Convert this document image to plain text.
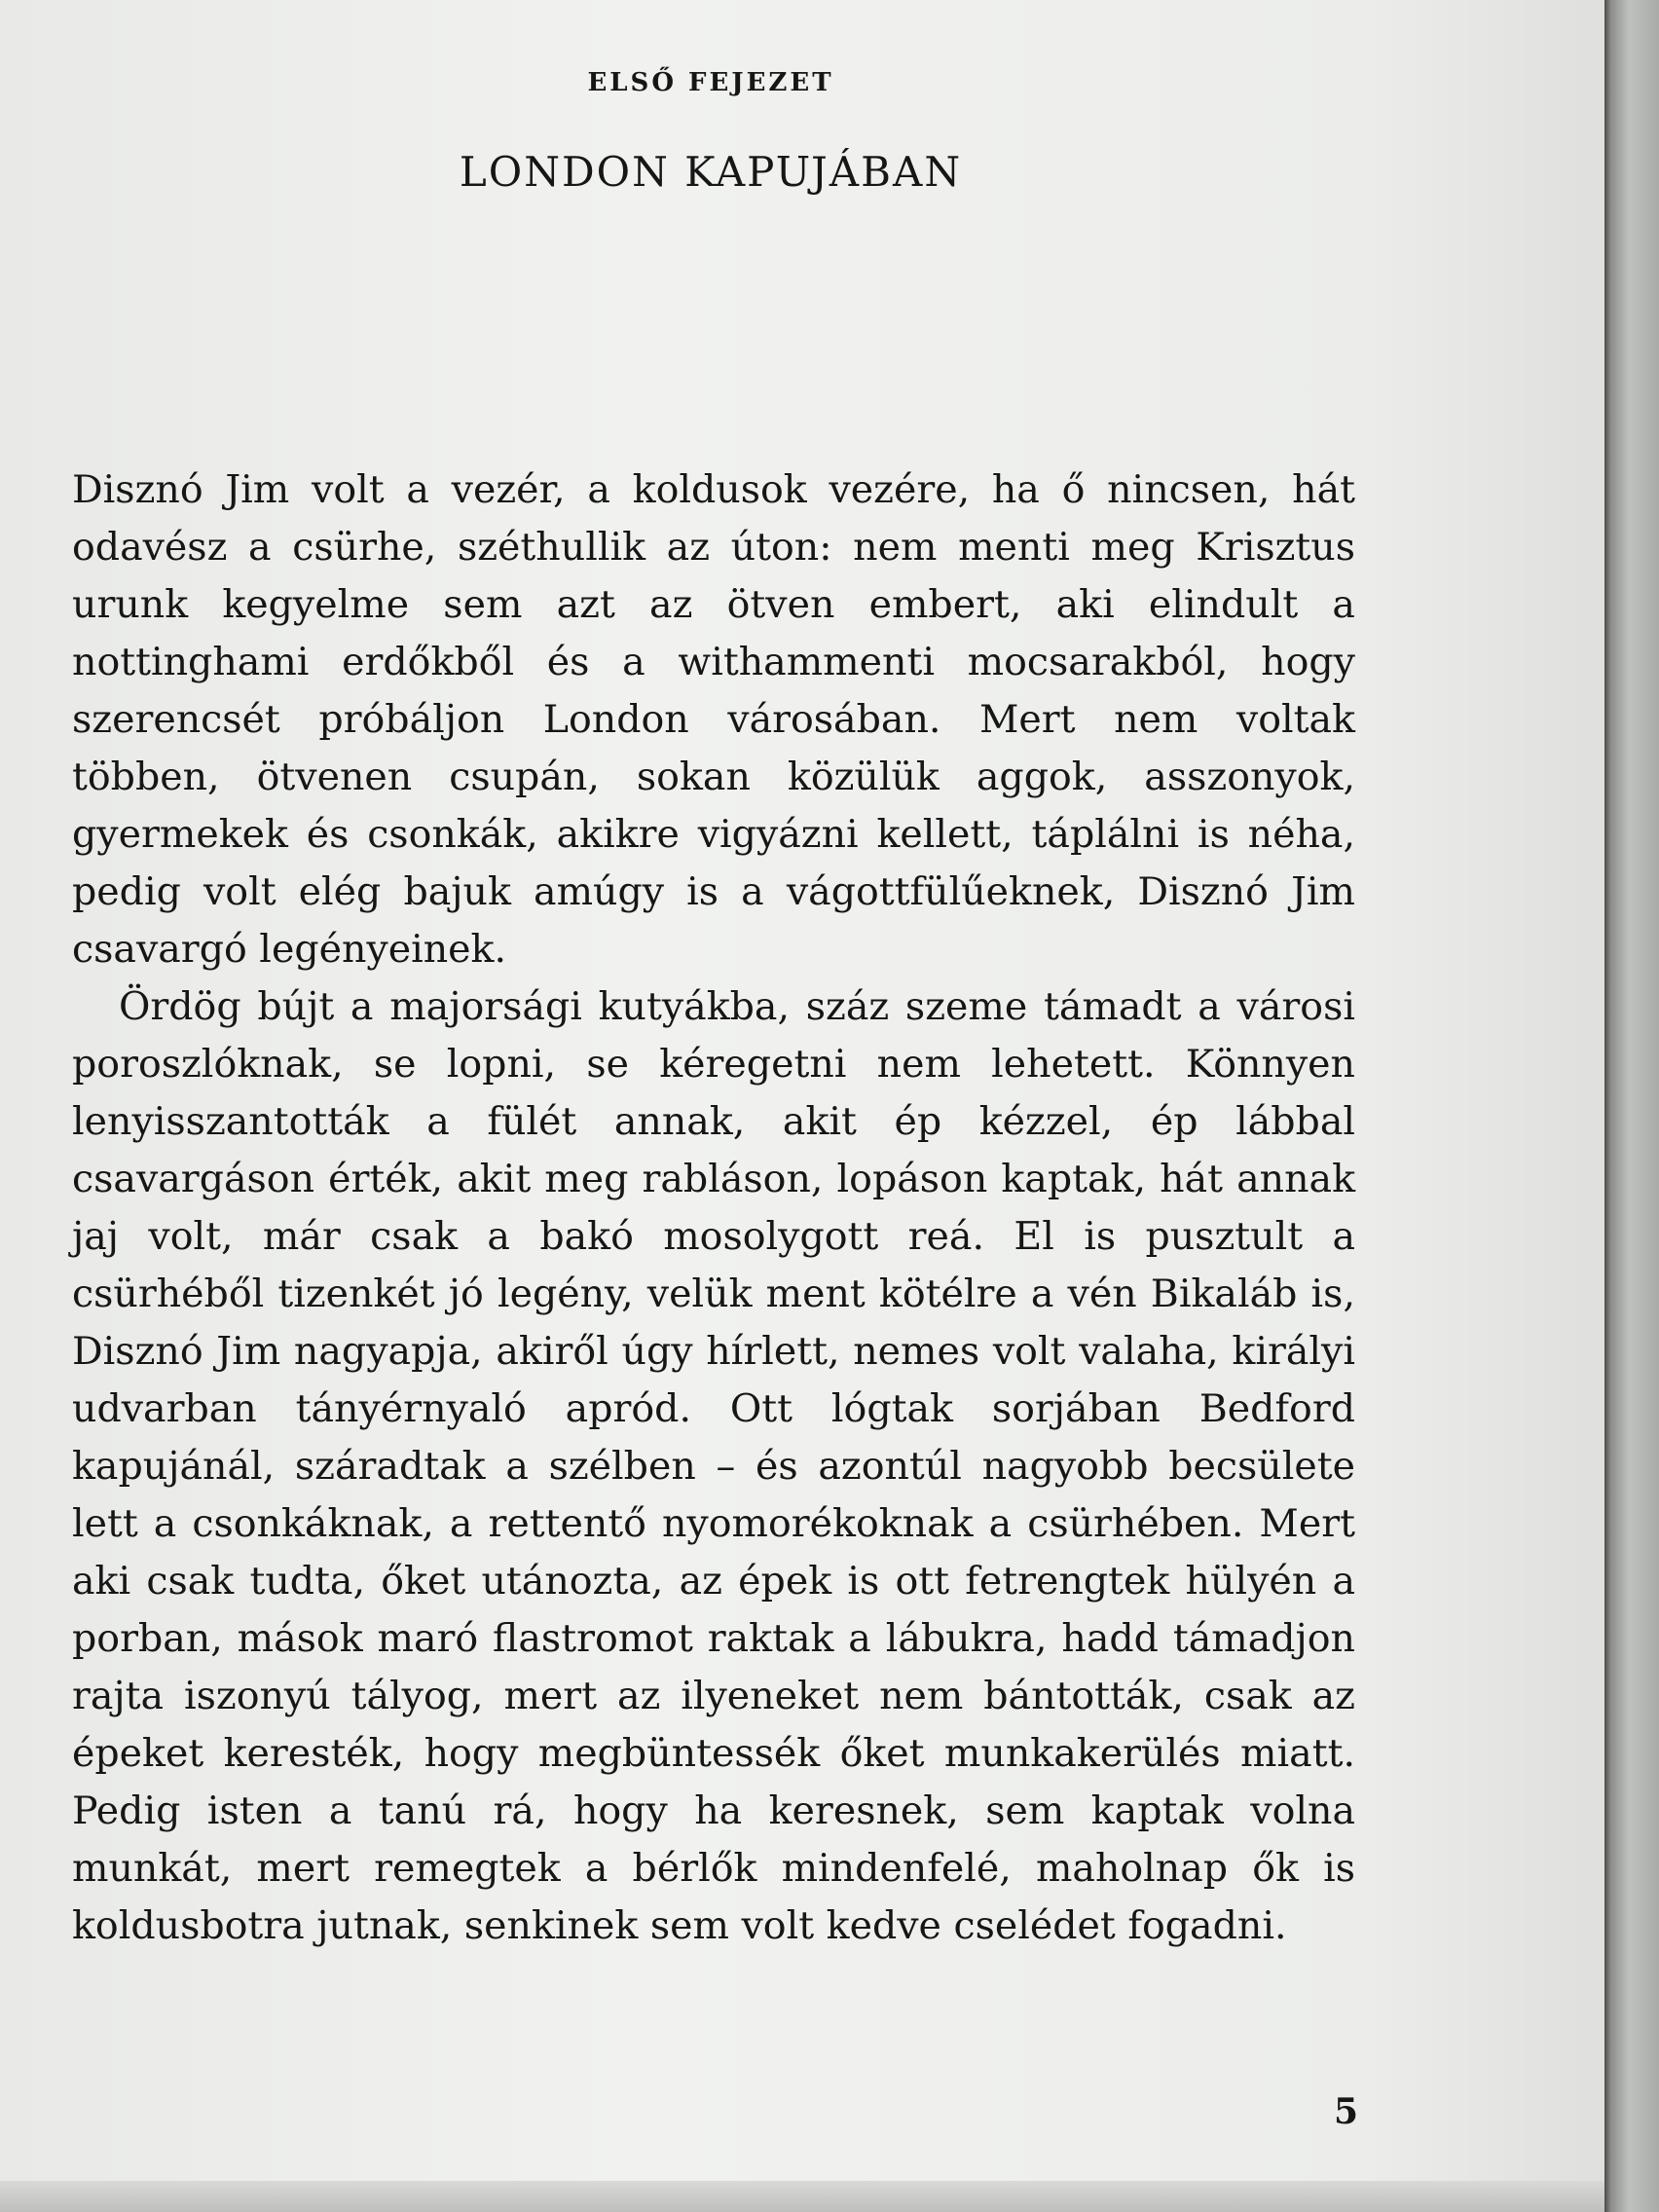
ELSŐ FEJEZET
LONDON KAPUJÁBAN

Disznó Jim volt a vezér, a koldusok vezére, ha ő nincsen, hát odavész a csürhe, széthullik az úton: nem menti meg Krisztus urunk kegyelme sem azt az ötven embert, aki elindult a nottinghami erdőkből és a withammenti mocsarakból, hogy szerencsét próbáljon London városában. Mert nem voltak többen, ötvenen csupán, sokan közülük aggok, asszonyok, gyermekek és csonkák, akikre vigyázni kellett, táplálni is néha, pedig volt elég bajuk amúgy is a vágottfülűeknek, Disznó Jim csavargó legényeinek.

Ördög bújt a majorsági kutyákba, száz szeme támadt a városi poroszlóknak, se lopni, se kéregetni nem lehetett. Könnyen lenyisszantották a fülét annak, akit ép kézzel, ép lábbal csavargáson érték, akit meg rabláson, lopáson kaptak, hát annak jaj volt, már csak a bakó mosolygott reá. El is pusztult a csürhéből tizenkét jó legény, velük ment kötélre a vén Bikaláb is, Disznó Jim nagyapja, akiről úgy hírlett, nemes volt valaha, királyi udvarban tányérnyaló apród. Ott lógtak sorjában Bedford kapujánál, száradtak a szélben – és azontúl nagyobb becsülete lett a csonkáknak, a rettentő nyomorékoknak a csürhében. Mert aki csak tudta, őket utánozta, az épek is ott fetrengtek hülyén a porban, mások maró flastromot raktak a lábukra, hadd támadjon rajta iszonyú tályog, mert az ilyeneket nem bántották, csak az épeket keresték, hogy megbüntessék őket munkakerülés miatt. Pedig isten a tanú rá, hogy ha keresnek, sem kaptak volna munkát, mert remegtek a bérlők mindenfelé, maholnap ők is koldusbotra jutnak, senkinek sem volt kedve cselédet fogadni.

5
